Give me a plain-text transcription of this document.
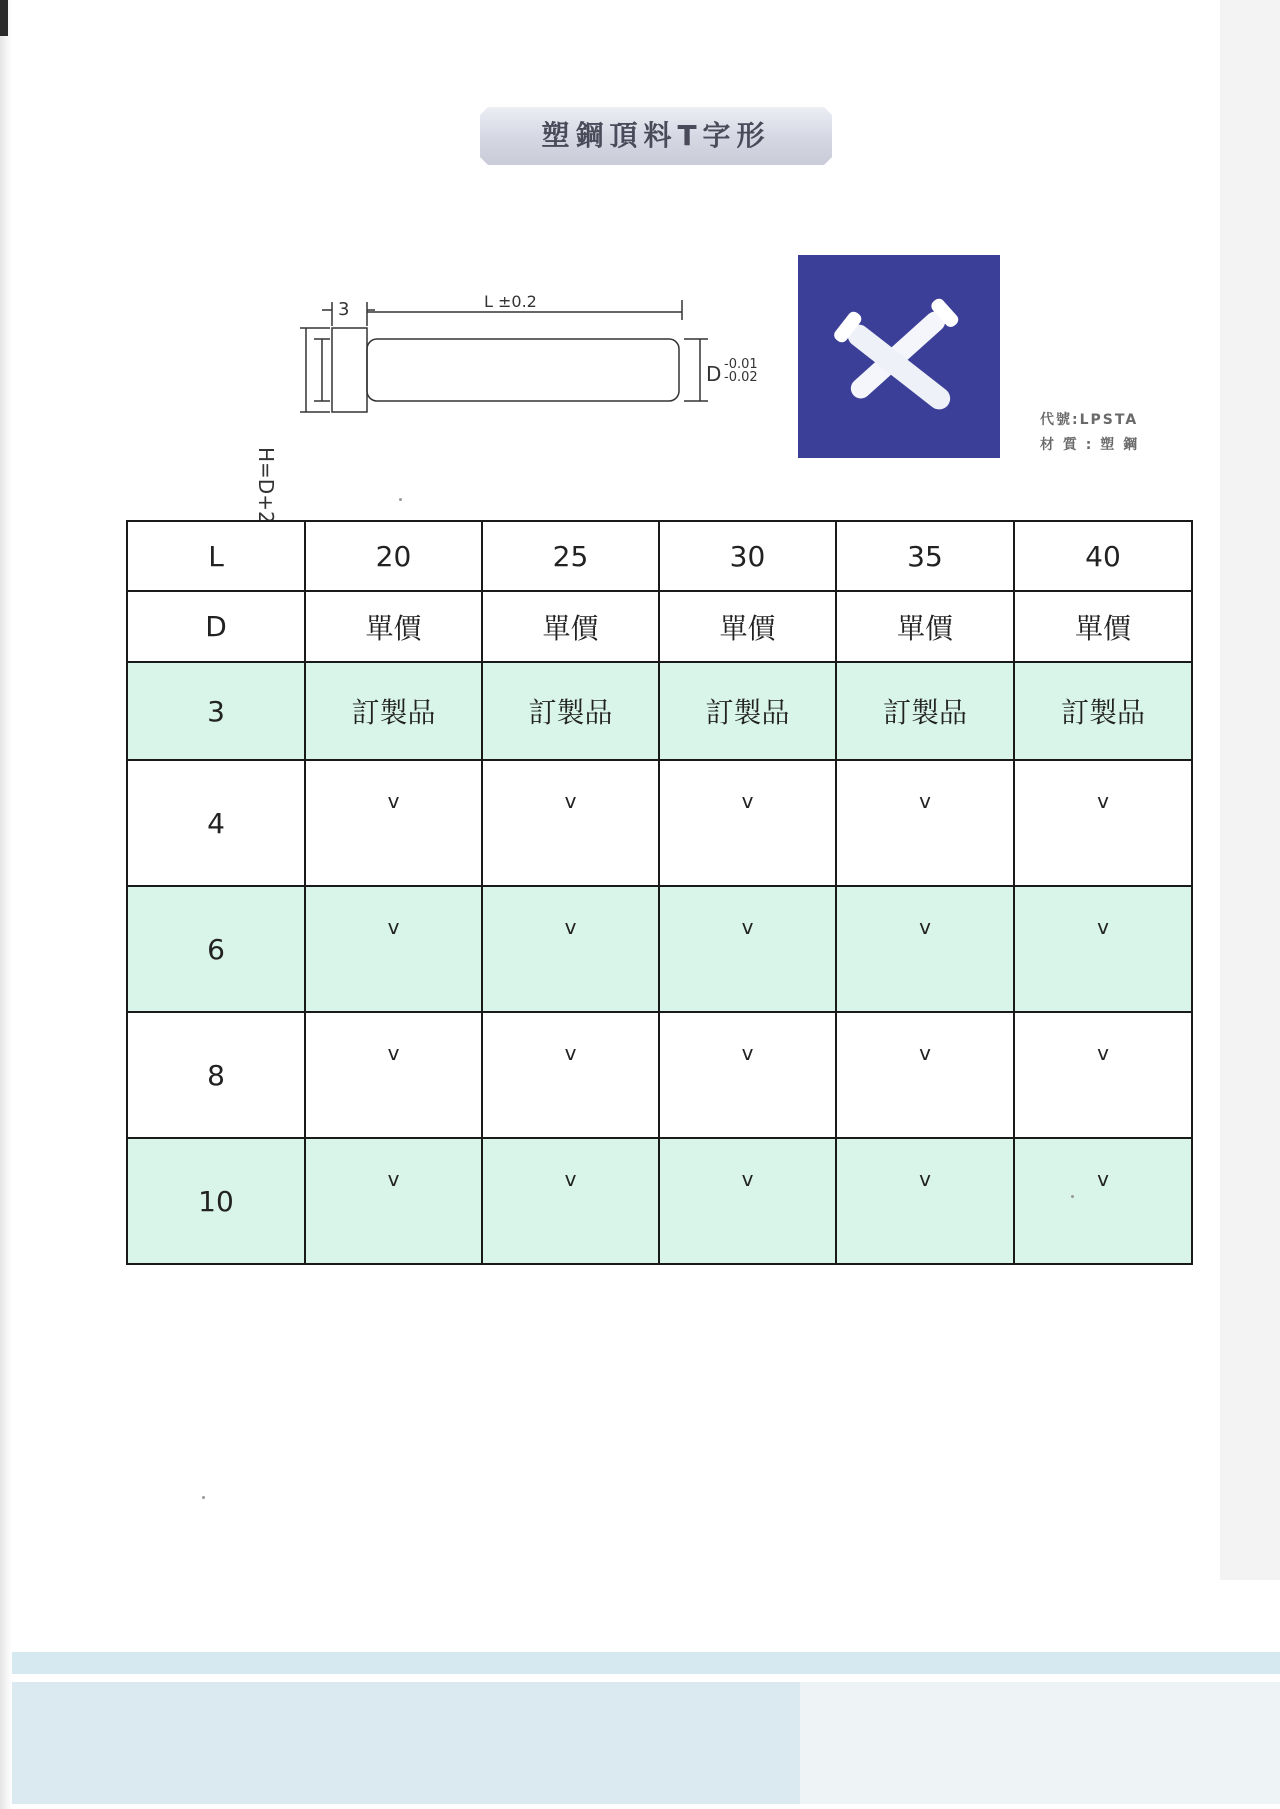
塑鋼頂料T字形
3	L ±0.2
D -0.01
-0.02
H=D+2
代號:LPSTA
材 質 : 塑 鋼
L	20	25	30	35	40
D	單價	單價	單價	單價	單價
3	訂製品	訂製品	訂製品	訂製品	訂製品
4	v	v	v	v	v
6	v	v	v	v	v
8	v	v	v	v	v
10	v	v	v	v	v
